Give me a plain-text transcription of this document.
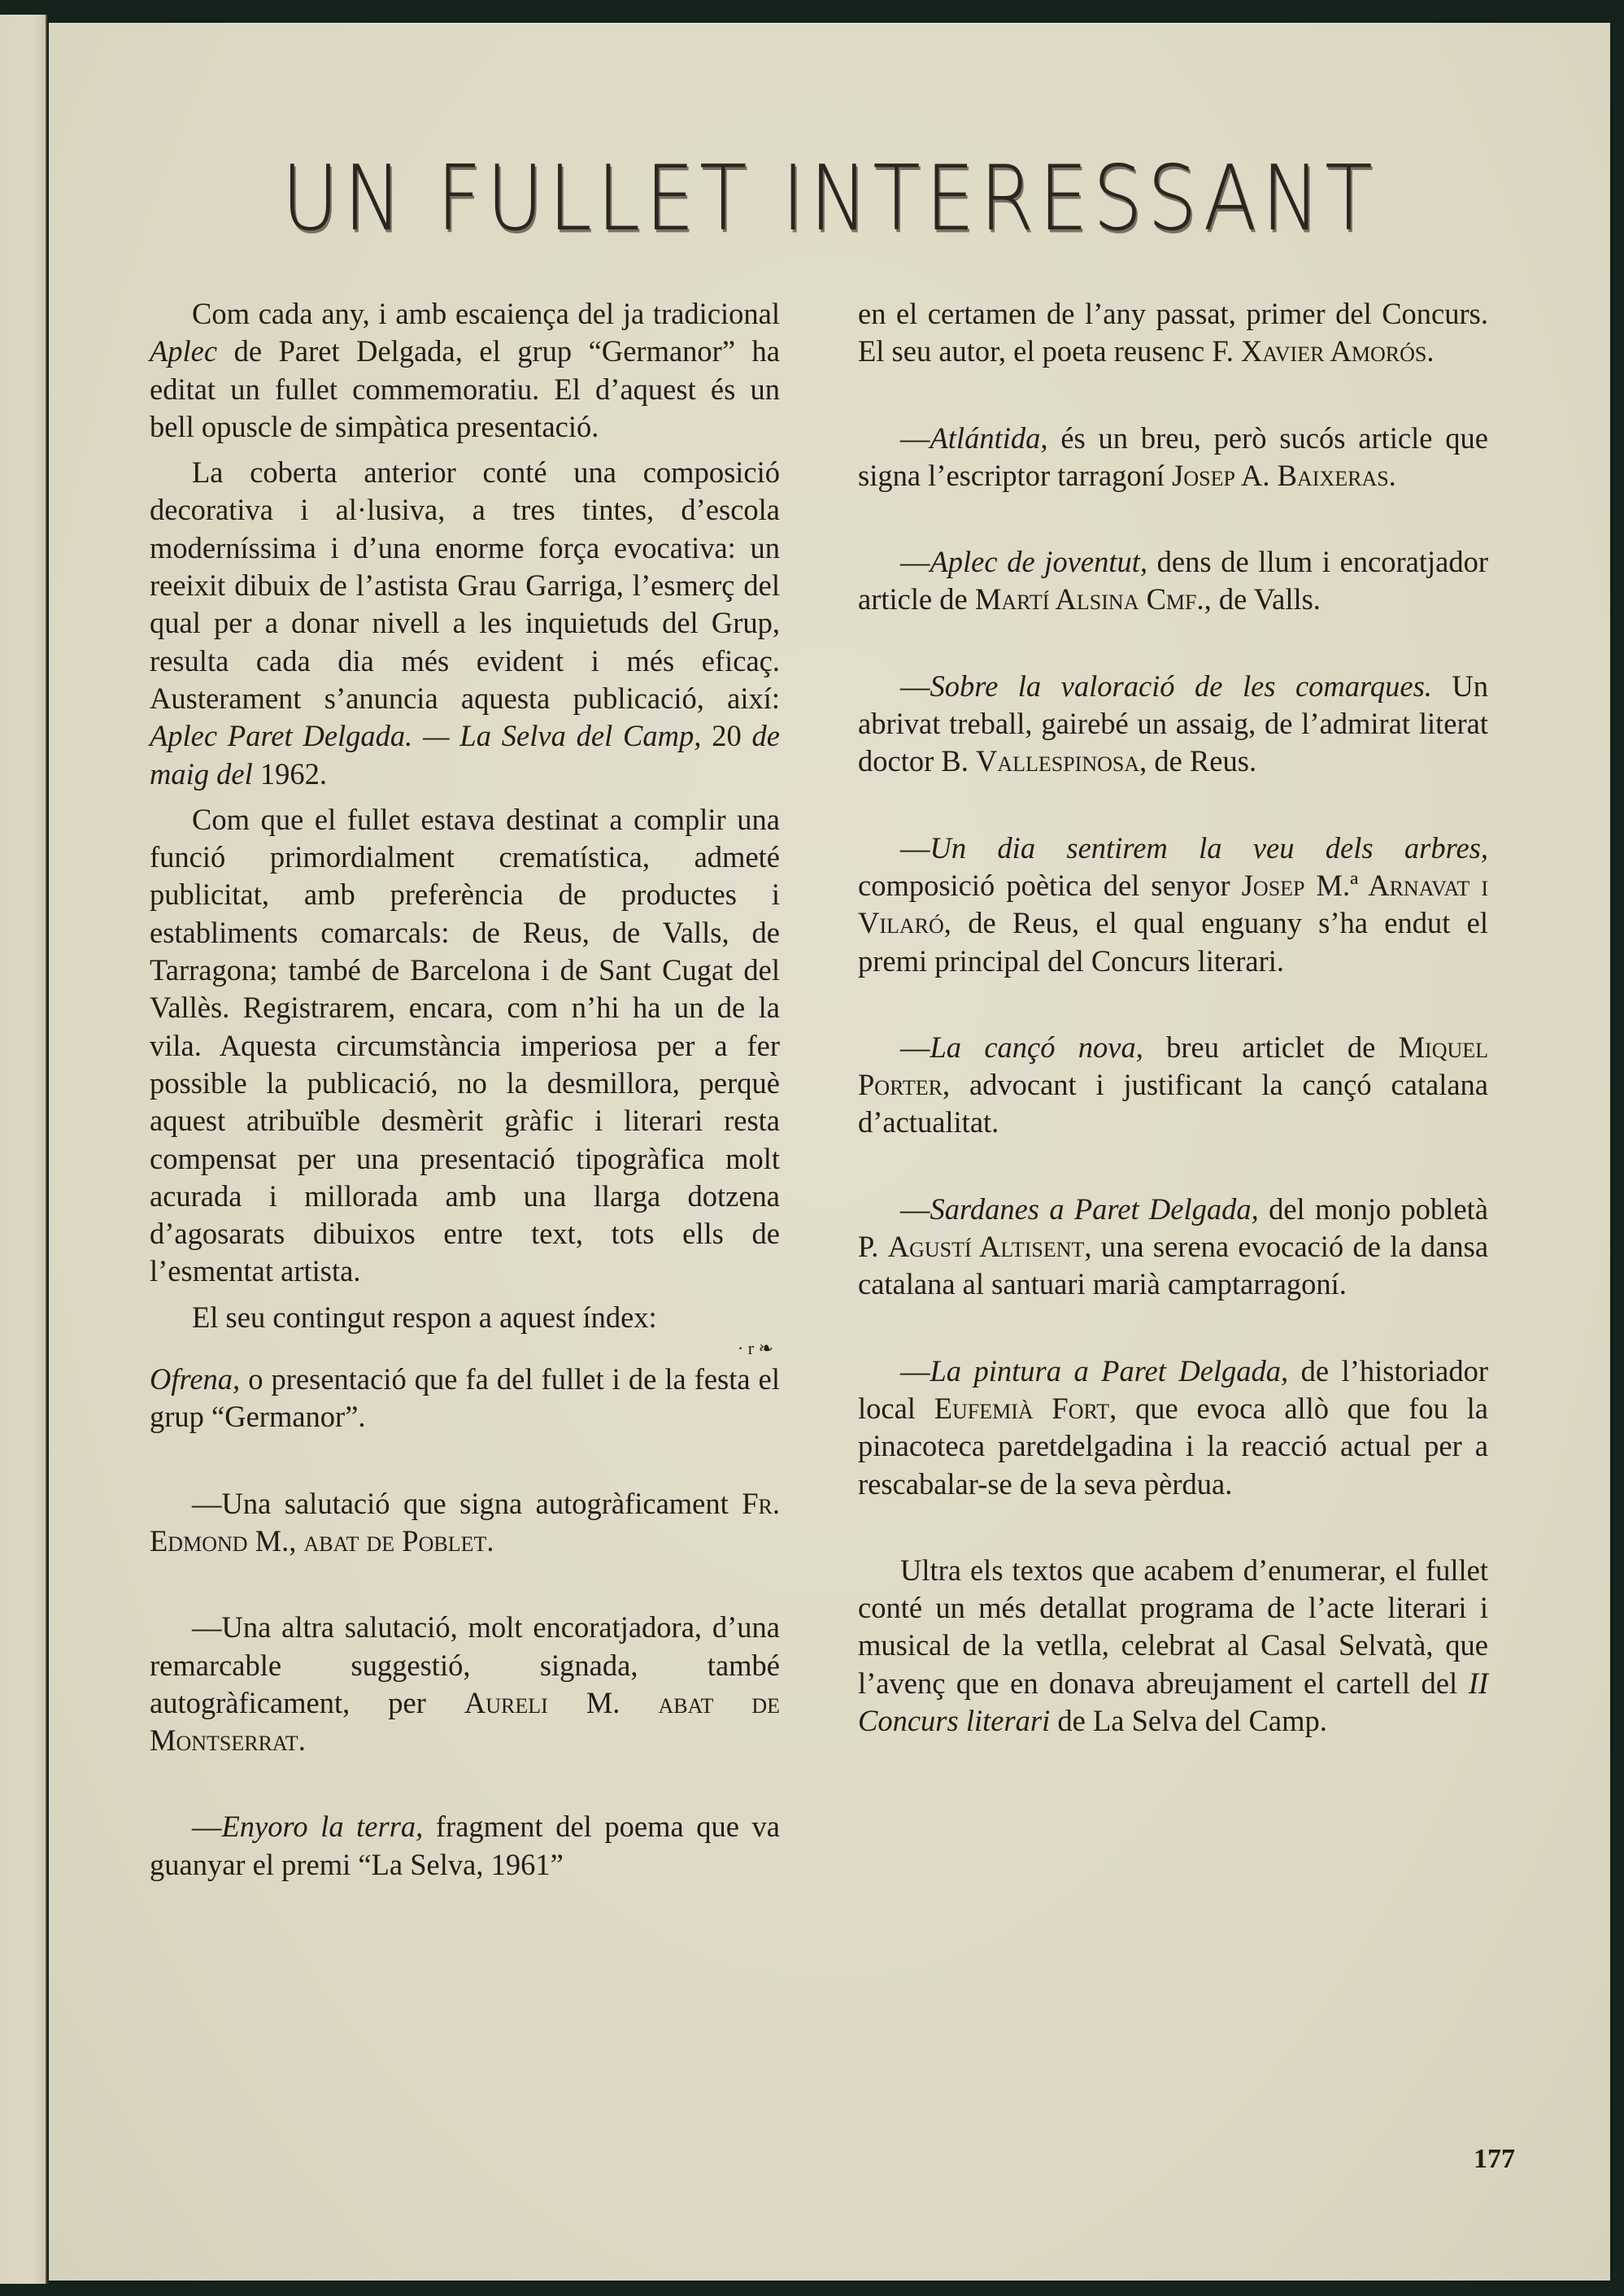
UN FULLET INTERESSANT

Com cada any, i amb escaiença del ja tradicional Aplec de Paret Delgada, el grup “Germanor” ha editat un fullet commemoratiu. El d’aquest és un bell opuscle de simpàtica presentació.

La coberta anterior conté una composició decorativa i al·lusiva, a tres tintes, d’escola moderníssima i d’una enorme força evocativa: un reeixit dibuix de l’astista Grau Garriga, l’esmerç del qual per a donar nivell a les inquietuds del Grup, resulta cada dia més evident i més eficaç. Austerament s’anuncia aquesta publicació, així: Aplec Paret Delgada. — La Selva del Camp, 20 de maig del 1962.

Com que el fullet estava destinat a complir una funció primordialment crematística, admeté publicitat, amb preferència de productes i establiments comarcals: de Reus, de Valls, de Tarragona; també de Barcelona i de Sant Cugat del Vallès. Registrarem, encara, com n’hi ha un de la vila. Aquesta circumstància imperiosa per a fer possible la publicació, no la desmillora, perquè aquest atribuïble desmèrit gràfic i literari resta compensat per una presentació tipogràfica molt acurada i millorada amb una llarga dotzena d’agosarats dibuixos entre text, tots ells de l’esmentat artista.

El seu contingut respon a aquest índex:

· r ❧

Ofrena, o presentació que fa del fullet i de la festa el grup “Germanor”.

—Una salutació que signa autogràficament Fr. Edmond M., abat de Poblet.

—Una altra salutació, molt encoratjadora, d’una remarcable suggestió, signada, també autogràficament, per Aureli M. abat de Montserrat.

—Enyoro la terra, fragment del poema que va guanyar el premi “La Selva, 1961”

en el certamen de l’any passat, primer del Concurs. El seu autor, el poeta reusenc F. Xavier Amorós.

—Atlántida, és un breu, però sucós article que signa l’escriptor tarragoní Josep A. Baixeras.

—Aplec de joventut, dens de llum i encoratjador article de Martí Alsina Cmf., de Valls.

—Sobre la valoració de les comarques. Un abrivat treball, gairebé un assaig, de l’admirat literat doctor B. Vallespinosa, de Reus.

—Un dia sentirem la veu dels arbres, composició poètica del senyor Josep M.ª Arnavat i Vilaró, de Reus, el qual enguany s’ha endut el premi principal del Concurs literari.

—La cançó nova, breu articlet de Miquel Porter, advocant i justificant la cançó catalana d’actualitat.

—Sardanes a Paret Delgada, del monjo pobletà P. Agustí Altisent, una serena evocació de la dansa catalana al santuari marià camptarragoní.

—La pintura a Paret Delgada, de l’historiador local Eufemià Fort, que evoca allò que fou la pinacoteca paretdelgadina i la reacció actual per a rescabalar-se de la seva pèrdua.

Ultra els textos que acabem d’enumerar, el fullet conté un més detallat programa de l’acte literari i musical de la vetlla, celebrat al Casal Selvatà, que l’avenç que en donava abreujament el cartell del II Concurs literari de La Selva del Camp.

177
